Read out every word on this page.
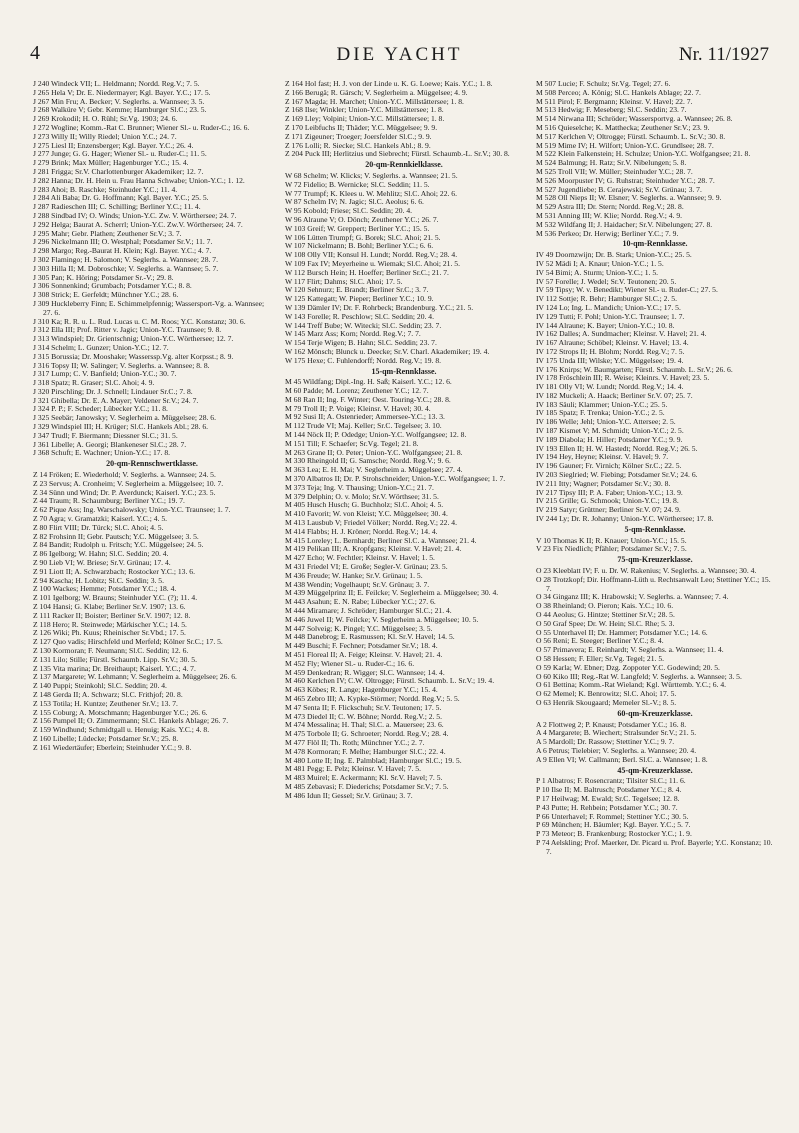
4	DIE YACHT	Nr. 11/1927
J 240 Windeck VII; L. Heldmann; Nordd. Reg.V.; 7. 5.
J 265 Hela V; Dr. E. Niedermayer; Kgl. Bayer. Y.C.; 17. 5.
J 267 Min Fru; A. Becker; V. Seglerhs. a. Wannsee; 3. 5.
J 268 Walküre V; Gebr. Kemme; Hamburger Sl.C.; 23. 5.
J 269 Krokodil; H. O. Rühl; Sr.Vg. 1903; 24. 6.
J 272 Wogline; Komm.-Rat C. Brunner; Wiener Sl.- u. Ruder-C.; 16. 6.
J 273 Willy II; Willy Riedel; Union Y.C.; 24. 7.
J 275 Liesl II; Enzensberger; Kgl. Bayer. Y.C.; 26. 4.
J 277 Junge; G. G. Hager; Wiener Sl.- u. Ruder-C.; 11. 5.
J 279 Brink; Max Müller; Hagenburger Y.C.; 15. 4.
J 281 Frigga; Sr.V. Charlottenburger Akademiker; 12. 7.
J 282 Hanna; Dr. H. Hein u. Frau Hanna Schwabe; Union-Y.C.; 1. 12.
J 283 Ahoi; B. Raschke; Steinhuder Y.C.; 11. 4.
J 284 Ali Baba; Dr. G. Hoffmann; Kgl. Bayer. Y.C.; 25. 5.
J 287 Radieschen III; C. Schilling; Berliner Y.C.; 11. 4.
J 288 Sindbad IV; O. Winds; Union-Y.C. Zw. V. Wörthersee; 24. 7.
J 292 Helga; Baurat A. Scherrl; Union-Y.C. Zw.V. Wörthersee; 24. 7.
J 295 Mahr; Gebr. Plathen; Zeuthener Sr.V.; 3. 7.
J 296 Nickelmann III; O. Westphal; Potsdamer Sr.V.; 11. 7.
J 298 Margo; Reg.-Baurat H. Klein; Kgl. Bayer. Y.C.; 4. 7.
J 302 Flamingo; H. Salomon; V. Seglerhs. a. Wannsee; 28. 7.
J 303 Hilla II; M. Dobroschke; V. Seglerhs. a. Wannsee; 5. 7.
J 305 Pan; K. Höring; Potsdamer Sr.-V.; 29. 8.
J 306 Sonnenkind; Grumbach; Potsdamer Y.C.; 8. 8.
J 308 Strick; E. Gerfeldt; Münchner Y.C.; 28. 6.
J 309 Huckleberry Finn; E. Schimmelpfennig; Wassersport-Vg. a. Wannsee; 27. 6.
J 310 Ka; R. R. u. L. Rud. Lucas u. C. M. Roos; Y.C. Konstanz; 30. 6.
J 312 Ella III; Prof. Ritter v. Jagic; Union-Y.C. Traunsee; 9. 8.
J 313 Windspiel; Dr. Grientschnig; Union-Y.C. Wörthersee; 12. 7.
J 314 Schelm; L. Gunzer; Union-Y.C.; 12. 7.
J 315 Borussia; Dr. Mooshake; Wasserssp.Vg. alter Korpsst.; 8. 9.
J 316 Topsy II; W. Salinger; V. Seglerhs. a. Wannsee; 8. 8.
J 317 Lump; C. V. Banfield; Union-Y.C.; 30. 7.
J 318 Spatz; R. Graser; Sl.C. Ahoi; 4. 9.
J 320 Pirschling; Dr. J. Schnell; Lindauer Sr.C.; 7. 8.
J 321 Ghibella; Dr. E. A. Mayer; Veldener Sr.V.; 24. 7.
J 324 P. P.; F. Scheder; Lübecker Y.C.; 11. 8.
J 325 Seebär; Janowsky; V. Seglerheim a. Müggelsee; 28. 6.
J 329 Windspiel III; H. Krüger; Sl.C. Hankels Abl.; 28. 6.
J 347 Trudl; F. Biermann; Diessner Sl.C.; 31. 5.
J 361 Libelle; A. Georgi; Blankeneser Sl.C.; 28. 7.
J 368 Schuft; E. Wachner; Union-Y.C.; 17. 8.
20-qm-Rennschwertklasse.
Z 14 Fröken; E. Wiederhold; V. Seglerhs. a. Wannsee; 24. 5.
Z 23 Servus; A. Cronheim; V. Seglerheim a. Müggelsee; 10. 7.
Z 34 Sünn und Wind; Dr. P. Averdunck; Kaiserl. Y.C.; 23. 5.
Z 44 Traum; R. Schaumburg; Berliner Y.C.; 19. 7.
Z 62 Pique Ass; Ing. Warschalowsky; Union-Y.C. Traunsee; 1. 7.
Z 70 Agra; v. Gramatzki; Kaiserl. Y.C.; 4. 5.
Z 80 Flirt VIII; Dr. Türck; Sl.C. Ahoi; 4. 5.
Z 82 Frohsinn II; Gebr. Pautsch; Y.C. Müggelsee; 3. 5.
Z 84 Bandit; Rudolph u. Fritsch; Y.C. Müggelsee; 24. 5.
Z 86 Igelborg; W. Hahn; Sl.C. Seddin; 20. 4.
Z 90 Lieb VI; W. Briese; Sr.V. Grünau; 17. 4.
Z 91 Liott II; A. Schwarzbach; Rostocker Y.C.; 13. 6.
Z 94 Kascha; H. Lobitz; Sl.C. Seddin; 3. 5.
Z 100 Wackes; Hemme; Potsdamer Y.C.; 18. 4.
Z 101 Igelborg; W. Brauns; Steinhuder Y.C. (?); 11. 4.
Z 104 Hansi; G. Klabe; Berliner Sr.V. 1907; 13. 6.
Z 111 Racker II; Boister; Berliner Sr.V. 1907; 12. 8.
Z 118 Hero; R. Steinwede; Märkischer Y.C.; 14. 5.
Z 126 Wiki; Ph. Kuus; Rheinischer Sr.Vbd.; 17. 5.
Z 127 Quo vadis; Hirschfeld und Merfeld; Kölner Sr.C.; 17. 5.
Z 130 Kormoran; F. Neumann; Sl.C. Seddin; 12. 6.
Z 131 Lilo; Stille; Fürstl. Schaumb. Lipp. Sr.V.; 30. 5.
Z 135 Vita marina; Dr. Breithaupt; Kaiserl. Y.C.; 4. 7.
Z 137 Margarete; W. Lehmann; V. Seglerheim a. Müggelsee; 26. 6.
Z 140 Puppi; Steinkohl; Sl.C. Seddin; 20. 4.
Z 148 Gerda II; A. Schwarz; Sl.C. Frithjof; 20. 8.
Z 153 Totila; H. Kuntze; Zeuthener Sr.V.; 13. 7.
Z 155 Coburg; A. Motschmann; Hagenburger Y.C.; 26. 6.
Z 156 Pumpel II; O. Zimmermann; Sl.C. Hankels Ablage; 26. 7.
Z 159 Windhund; Schmidtgall u. Henuig; Kais. Y.C.; 4. 8.
Z 160 Libelle; Lüdecke; Potsdamer Sr.V.; 25. 8.
Z 161 Wiedertäufer; Eberlein; Steinhuder Y.C.; 9. 8.
Z 164 Hol fast; H. J. von der Linde u. K. G. Loewe; Kais. Y.C.; 1. 8.
Z 166 Berugä; R. Gärsch; V. Seglerheim a. Müggelsee; 4. 9.
Z 167 Magda; H. Marchet; Union-Y.C. Millstättersee; 1. 8.
Z 168 Ilse; Winkler; Union-Y.C. Millstättersee; 1. 8.
Z 169 Lley; Volpini; Union-Y.C. Millstättersee; 1. 8.
Z 170 Leibfuchs II; Thäder; Y.C. Müggelsee; 9. 9.
Z 171 Zigeuner; Troeger; Joersfelder Sl.C.; 9. 9.
Z 176 Lolli; R. Siecke; Sl.C. Hankels Abl.; 8. 9.
Z 204 Puck III; Herlitzius und Siebrecht; Fürstl. Schaumb.-L. Sr.V.; 30. 8.
20-qm-Rennkielklasse.
W 68 Schelm; W. Klicks; V. Seglerhs. a. Wannsee; 21. 5.
W 72 Fidelio; B. Wernicke; Sl.C. Seddin; 11. 5.
W 77 Trumpf; K. Klees u. W. Mehlitz; Sl.C. Ahoi; 22. 6.
W 87 Schelm IV; N. Jagic; Sl.C. Aeolus; 6. 6.
W 95 Kobold; Friese; Sl.C. Seddin; 20. 4.
W 96 Alraune V; O. Dönch; Zeuthener Y.C.; 26. 7.
W 103 Greif; W. Greppert; Berliner Y.C.; 15. 5.
W 106 Lütten Trumpf; G. Borek; Sl.C. Ahoi; 21. 5.
W 107 Nickelmann; B. Bohl; Berliner Y.C.; 6. 6.
W 108 Olly VII; Konsul H. Lundt; Nordd. Reg.V.; 28. 4.
W 109 Fax IV; Meyerheine u. Wiemak; Sl.C. Ahoi; 21. 5.
W 112 Bursch Hein; H. Hoeffer; Berliner Sr.C.; 21. 7.
W 117 Flirt; Dahms; Sl.C. Ahoi; 17. 5.
W 120 Sehnurz; E. Brandt; Berliner Sr.C.; 3. 7.
W 125 Kattegatt; W. Pieper; Berliner Y.C.; 10. 9.
W 139 Dämler IV; Dr. F. Rohrbeck; Brandenburg. Y.C.; 21. 5.
W 143 Forelle; R. Peschlow; Sl.C. Seddin; 20. 4.
W 144 Treff Bube; W. Witecki; Sl.C. Seddin; 23. 7.
W 145 Marz Ass; Korn; Nordd. Reg.V.; 7. 7.
W 154 Terje Wigen; B. Hahn; Sl.C. Seddin; 23. 7.
W 162 Mönsch; Blunck u. Deecke; Sr.V. Charl. Akademiker; 19. 4.
W 175 Hexe; C. Fuhlendorff; Nordd. Reg.V.; 19. 8.
15-qm-Rennklasse.
M 45 Wildfang; Dipl.-Ing. H. Saß; Kaiserl. Y.C.; 12. 6.
M 60 Padde; M. Lorenz; Zeuthener Y.C.; 12. 7.
M 68 Ran II; Ing. F. Winter; Oest. Touring-Y.C.; 28. 8.
M 79 Troll II; P. Voige; Kleinsr. V. Havel; 30. 4.
M 92 Susi II; A. Ostenrieder; Ammersee-Y.C.; 13. 3.
M 112 Trude VI; Maj. Keller; Sr.C. Tegelsee; 3. 10.
M 144 Nöck II; P. Odedge; Union-Y.C. Wolfgangsee; 12. 8.
M 151 Till; F. Schaefer; Sr.Vg. Tegel; 21. 8.
M 263 Grane II; O. Peter; Union-Y.C. Wolfgangsee; 21. 8.
M 330 Rheingold II; G. Samsche; Nordd. Reg.V.; 9. 6.
M 363 Lea; E. H. Mai; V. Seglerheim a. Müggelsee; 27. 4.
M 370 Albatros II; Dr. P. Strohschneider; Union-Y.C. Wolfgangsee; 1. 7.
M 373 Teja; Ing. V. Thausing; Union-Y.C.; 21. 7.
M 379 Delphin; O. v. Molo; Sr.V. Wörthsee; 31. 5.
M 405 Husch Husch; G. Buchholz; Sl.C. Ahoi; 4. 5.
M 410 Favorit; W. von Kleist; Y.C. Müggelsee; 30. 4.
M 413 Lausbub V; Friedel Völker; Nordd. Reg.V.; 22. 4.
M 414 Flabbs; H. J. Kröner; Nordd. Reg.V.; 14. 4.
M 415 Loreley; L. Bernhardt; Berliner Sl.C. a. Wannsee; 21. 4.
M 419 Pelikan III; A. Kropfgans; Kleinsr. V. Havel; 21. 4.
M 427 Echo; W. Fechtler; Kleinsr. V. Havel; 1. 5.
M 431 Friedel VI; E. Große; Segler-V. Grünau; 23. 5.
M 436 Freude; W. Hanke; Sr.V. Grünau; 1. 5.
M 438 Wendin; Vogelhaupt; Sr.V. Grünau; 3. 7.
M 439 Müggelprinz II; E. Feilcke; V. Seglerheim a. Müggelsee; 30. 4.
M 443 Asahun; E. N. Rabe; Lübecker Y.C.; 27. 6.
M 444 Miramare; J. Schröder; Hamburger Sl.C.; 21. 4.
M 446 Juwel II; W. Feilcke; V. Seglerheim a. Müggelsee; 10. 5.
M 447 Solveig; K. Pingel; Y.C. Müggelsee; 3. 5.
M 448 Danebrog; E. Rasmussen; Kl. Sr.V. Havel; 14. 5.
M 449 Buschi; F. Fechner; Potsdamer Sr.V.; 18. 4.
M 451 Floreal II; A. Feige; Kleinsr. V. Havel; 21. 4.
M 452 Fly; Wiener Sl.- u. Ruder-C.; 16. 6.
M 459 Denkedran; R. Wigger; Sl.C. Wannsee; 14. 4.
M 460 Kerlchen IV; C.W. Oltrogge; Fürstl. Schaumb. L. Sr.V.; 19. 4.
M 463 Köbes; R. Lange; Hagenburger Y.C.; 15. 4.
M 465 Zebro III; A. Kypke-Störmer; Nordd. Reg.V.; 5. 5.
M 47 Senta II; F. Flickschuh; Sr.V. Teutonen; 17. 5.
M 473 Diedel II; C. W. Böhne; Nordd. Reg.V.; 2. 5.
M 474 Messalina; H. Thal; Sl.C. a. Mauersee; 23. 6.
M 475 Torbole II; G. Schroeter; Nordd. Reg.V.; 28. 4.
M 477 Flöl II; Th. Roth; Münchner Y.C.; 2. 7.
M 478 Kormoran; F. Melhe; Hamburger Sl.C.; 22. 4.
M 480 Lotte II; Ing. E. Palmblad; Hamburger Sl.C.; 19. 5.
M 481 Pegg; E. Pelz; Kleinsr. V. Havel; 7. 5.
M 483 Muirel; E. Ackermann; Kl. Sr.V. Havel; 7. 5.
M 485 Zebavasi; F. Diederichs; Potsdamer Sr.V.; 7. 5.
M 486 Idun II; Gessel; Sr.V. Grünau; 3. 7.
M 507 Lucie; F. Schulz; Sr.Vg. Tegel; 27. 6.
M 508 Perceo; A. König; Sl.C. Hankels Ablage; 22. 7.
M 511 Pirol; F. Bergmann; Kleinsr. V. Havel; 22. 7.
M 513 Hedwig; F. Meseberg; Sl.C. Seddin; 23. 7.
M 514 Nirwana III; Schröder; Wassersportvg. a. Wannsee; 26. 8.
M 516 Quieselche; K. Matthecka; Zeuthener Sr.V.; 23. 9.
M 517 Kerlchen V; Oltrogge; Fürstl. Schaumb. L. Sr.V.; 30. 8.
M 519 Mime IV; H. Wilfort; Union-Y.C. Grundlsee; 28. 7.
M 522 Klein Falkenstein; H. Schulze; Union-Y.C. Wolfgangsee; 21. 8.
M 524 Balmung; H. Ratz; Sr.V. Nibelungen; 5. 8.
M 525 Troll VII; W. Müller; Steinhuder Y.C.; 28. 7.
M 526 Moorpuster IV; G. Ruhstrat; Steinhuder Y.C.; 28. 7.
M 527 Jugendliebe; B. Cerajewski; Sr.V. Grünau; 3. 7.
M 528 Oll Nieps II; W. Elsner; V. Seglerhs. a. Wannsee; 9. 9.
M 529 Astra III; Dr. Stern; Nordd. Reg.V.; 28. 8.
M 531 Anning III; W. Klie; Nordd. Reg.V.; 4. 9.
M 532 Wildfang II; J. Haidacher; Sr.V. Nibelungen; 27. 8.
M 536 Perkeo; Dr. Herwig; Berliner Y.C.; 7. 9.
10-qm-Rennklasse.
IV 49 Doornzwijn; Dr. B. Stark; Union-Y.C.; 25. 5.
IV 52 Mädi I; A. Knaur; Union-Y.C.; 1. 5.
IV 54 Bimi; A. Sturm; Union-Y.C.; 1. 5.
IV 57 Forelle; J. Wedel; Sr.V. Teutonen; 20. 5.
IV 59 Tipsy; W. v. Benedikt; Wiener Sl.- u. Ruder-C.; 27. 5.
IV 112 Sottje; R. Behr; Hamburger Sl.C.; 2. 5.
IV 124 Lo; Ing. L. Mandich; Union-Y.C.; 17. 5.
IV 129 Tutti; F. Pohl; Union-Y.C. Traunsee; 1. 7.
IV 144 Alraune; K. Bayer; Union-Y.C.; 10. 8.
IV 162 Dalles; A. Sundmacher; Kleinsr. V. Havel; 21. 4.
IV 167 Alraune; Schöbel; Kleinsr. V. Havel; 13. 4.
IV 172 Strops II; H. Blohm; Nordd. Reg.V.; 7. 5.
IV 175 Unda III; Wilske; Y.C. Müggelsee; 19. 4.
IV 176 Knirps; W. Baumgarten; Fürstl. Schaumb. L. Sr.V.; 26. 6.
IV 178 Fröschlein III; R. Weise; Kleinrs. V. Havel; 23. 5.
IV 181 Olly VI; W. Lundt; Nordd. Reg.V.; 14. 4.
IV 182 Muckeli; A. Haack; Berliner Sr.V. 07; 25. 7.
IV 183 Säuli; Klammer; Union-Y.C.; 25. 5.
IV 185 Spatz; F. Trenka; Union-Y.C.; 2. 5.
IV 186 Welle; Jehl; Union-Y.C. Attersee; 2. 5.
IV 187 Kismet V; M. Schmidt; Union-Y.C.; 2. 5.
IV 189 Diabola; H. Hiller; Potsdamer Y.C.; 9. 9.
IV 193 Ellen II; H. W. Hastedt; Nordd. Reg.V.; 26. 5.
IV 194 Hey, Heyne; Kleinsr. V. Havel; 9. 7.
IV 196 Gauner; Fr. Virnich; Kölner Sr.C.; 22. 5.
IV 203 Sieglried; W. Fiebing; Potsdamer Sr.V.; 24. 6.
IV 211 Itty; Wagner; Potsdamer Sr.V.; 30. 8.
IV 217 Tipsy III; P. A. Faber; Union-Y.C.; 13. 9.
IV 215 Grille; G. Schmook; Union-Y.C.; 19. 8.
IV 219 Satyr; Grüttner; Berliner Sr.V. 07; 24. 9.
IV 244 Ly; Dr. R. Johanny; Union-Y.C. Wörthersee; 17. 8.
5-qm-Rennklasse.
V 10 Thomas K II; R. Knauer; Union-Y.C.; 15. 5.
V 23 Fix Niedlich; Pfähler; Potsdamer Sr.V.; 7. 5.
75-qm-Kreuzerklasse.
O 23 Kleeblatt IV; F. u. Dr. W. Rakenius; V. Seglerhs. a. Wannsee; 30. 4.
O 28 Trotzkopf; Dir. Hoffmann-Lüth u. Rechtsanwalt Leo; Stettiner Y.C.; 15. 7.
O 34 Ginganz III; K. Hrabowski; V. Seglerhs. a. Wannsee; 7. 4.
O 38 Rheinland; O. Pieron; Kais. Y.C.; 10. 6.
O 44 Aeolus; G. Hintze; Stettiner Sr.V.; 28. 5.
O 50 Graf Spee; Dr. W. Hein; Sl.C. Rhe; 5. 3.
O 55 Unterhavel II; Dr. Hammer; Potsdamer Y.C.; 14. 6.
O 56 Reni; E. Steeger; Berliner Y.C.; 8. 4.
O 57 Primavera; E. Reinhardt; V. Seglerhs. a. Wannsee; 11. 4.
O 58 Hessen; F. Eller; Sr.Vg. Tegel; 21. 5.
O 59 Karla; W. Ebner; Dzg. Zoppoter Y.C. Godewind; 20. 5.
O 60 Kiko III; Reg.-Rat W. Langfeld; V. Seglerhs. a. Wannsee; 3. 5.
O 61 Bettina; Komm.-Rat Wieland; Kgl. Württemb. Y.C.; 6. 4.
O 62 Memel; K. Benrowitz; Sl.C. Ahoi; 17. 5.
O 63 Henrik Skougaard; Memeler Sl.-V.; 8. 5.
60-qm-Kreuzerklasse.
A 2 Flottweg 2; P. Knaust; Potsdamer Y.C.; 16. 8.
A 4 Margarete; B. Wiechert; Stralsunder Sr.V.; 21. 5.
A 5 Mardoll; Dr. Rassow; Stettiner Y.C.; 9. 7.
A 6 Petrus; Tielebier; V. Seglerhs. a. Wannsee; 20. 4.
A 9 Ellen VI; W. Callmann; Berl. Sl.C. a. Wannsee; 1. 8.
45-qm-Kreuzerklasse.
P 1 Albatros; F. Rosencrantz; Tilsiter Sl.C.; 11. 6.
P 10 Ilse II; M. Baltrusch; Potsdamer Y.C.; 8. 4.
P 17 Heilwag; M. Ewald; Sr.C. Tegelsee; 12. 8.
P 43 Putte; H. Rehbein; Potsdamer Y.C.; 30. 7.
P 66 Unterhavel; F. Rommel; Stettiner Y.C.; 30. 5.
P 69 München; H. Bäumler; Kgl. Bayer. Y.C.; 5. 7.
P 73 Meteor; B. Frankenburg; Rostocker Y.C.; 1. 9.
P 74 Aelskling; Prof. Maerker, Dr. Picard u. Prof. Bayerle; Y.C. Konstanz; 10. 7.
